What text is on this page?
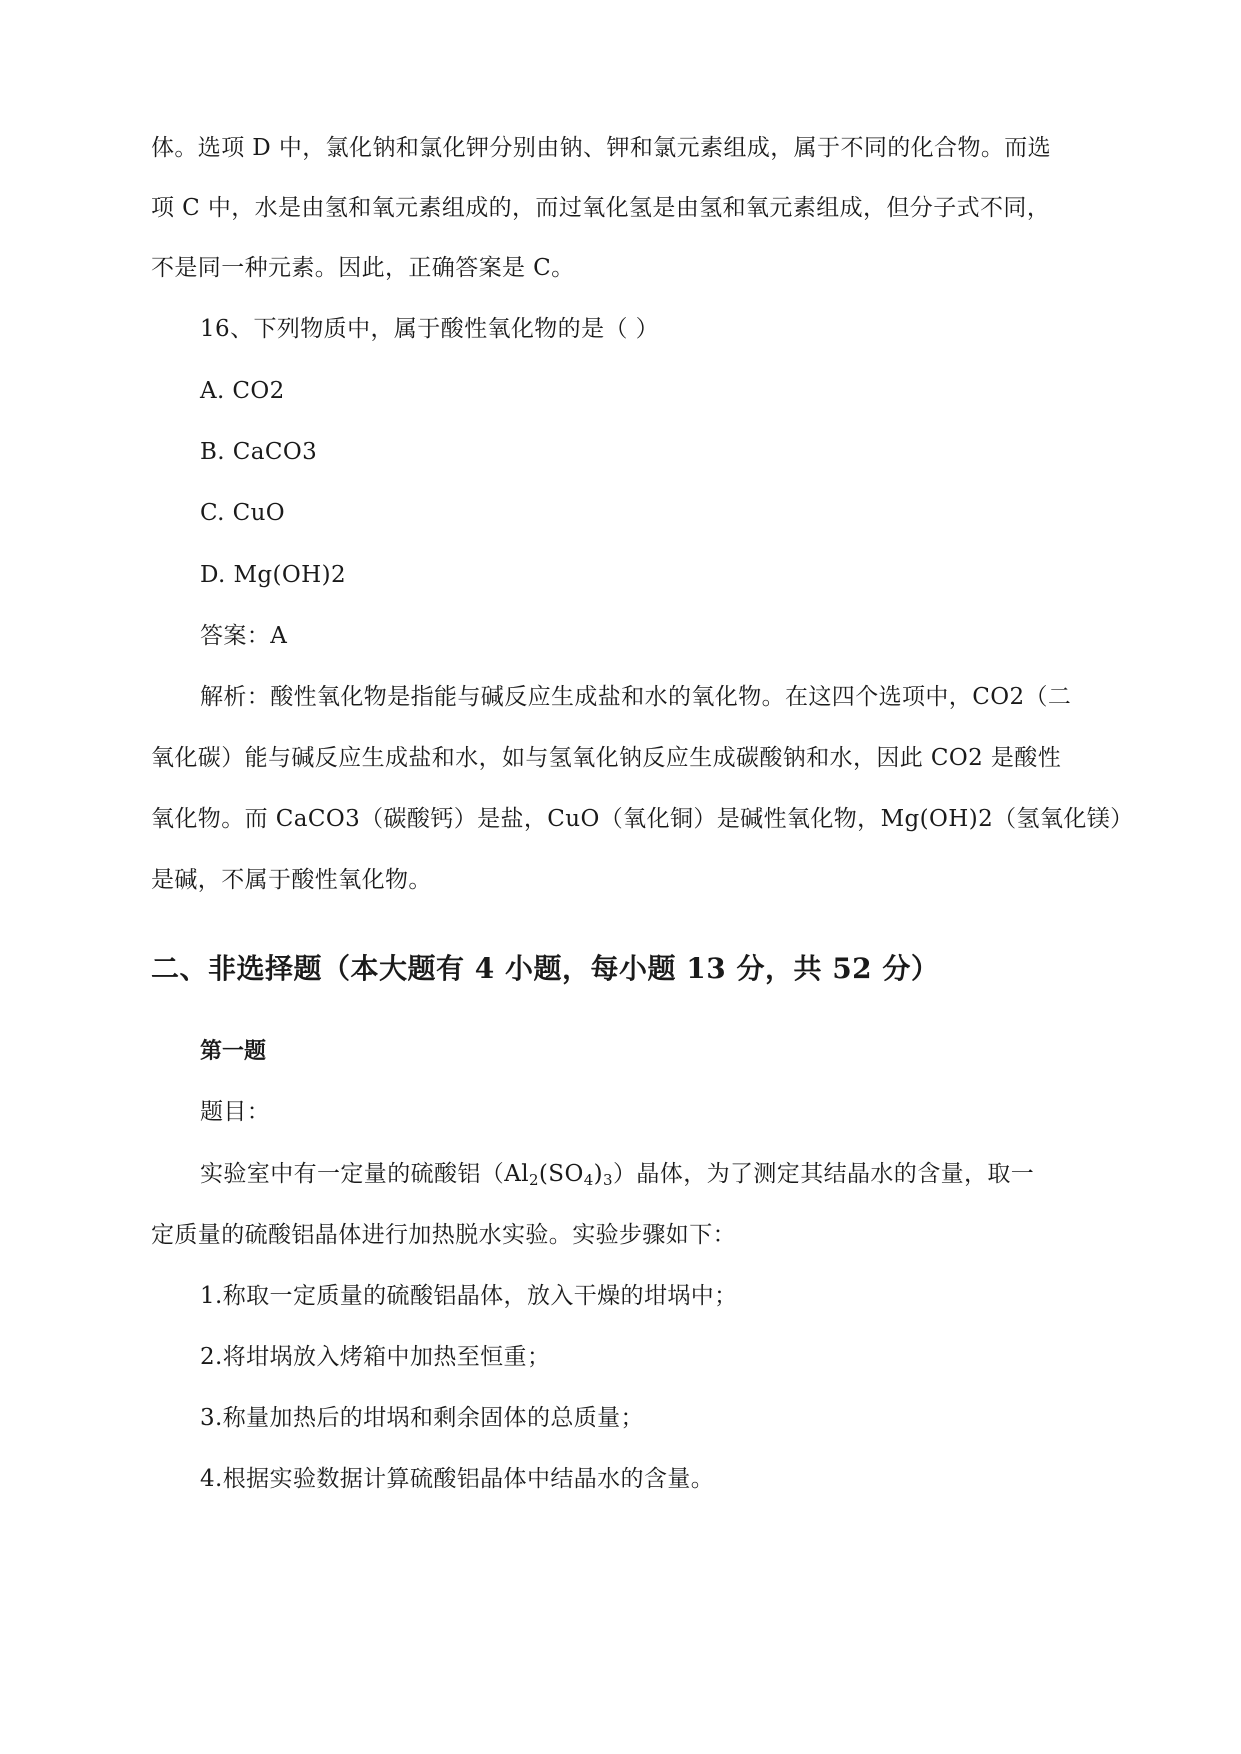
体。选项 D 中，氯化钠和氯化钾分别由钠、钾和氯元素组成，属于不同的化合物。而选
项 C 中，水是由氢和氧元素组成的，而过氧化氢是由氢和氧元素组成，但分子式不同，
不是同一种元素。因此，正确答案是 C。
16、下列物质中，属于酸性氧化物的是（ ）
A. CO2
B. CaCO3
C. CuO
D. Mg(OH)2
答案：A
解析：酸性氧化物是指能与碱反应生成盐和水的氧化物。在这四个选项中，CO2（二
氧化碳）能与碱反应生成盐和水，如与氢氧化钠反应生成碳酸钠和水，因此 CO2 是酸性
氧化物。而 CaCO3（碳酸钙）是盐，CuO（氧化铜）是碱性氧化物，Mg(OH)2（氢氧化镁）
是碱，不属于酸性氧化物。
二、非选择题（本大题有 4 小题，每小题 13 分，共 52 分）
第一题
题目：
实验室中有一定量的硫酸铝$(Al_2(SO_4)_3)$晶体，为了测定其结晶水的含量，取一
定质量的硫酸铝晶体进行加热脱水实验。实验步骤如下：
1.称取一定质量的硫酸铝晶体，放入干燥的坩埚中；
2.将坩埚放入烤箱中加热至恒重；
3.称量加热后的坩埚和剩余固体的总质量；
4.根据实验数据计算硫酸铝晶体中结晶水的含量。
